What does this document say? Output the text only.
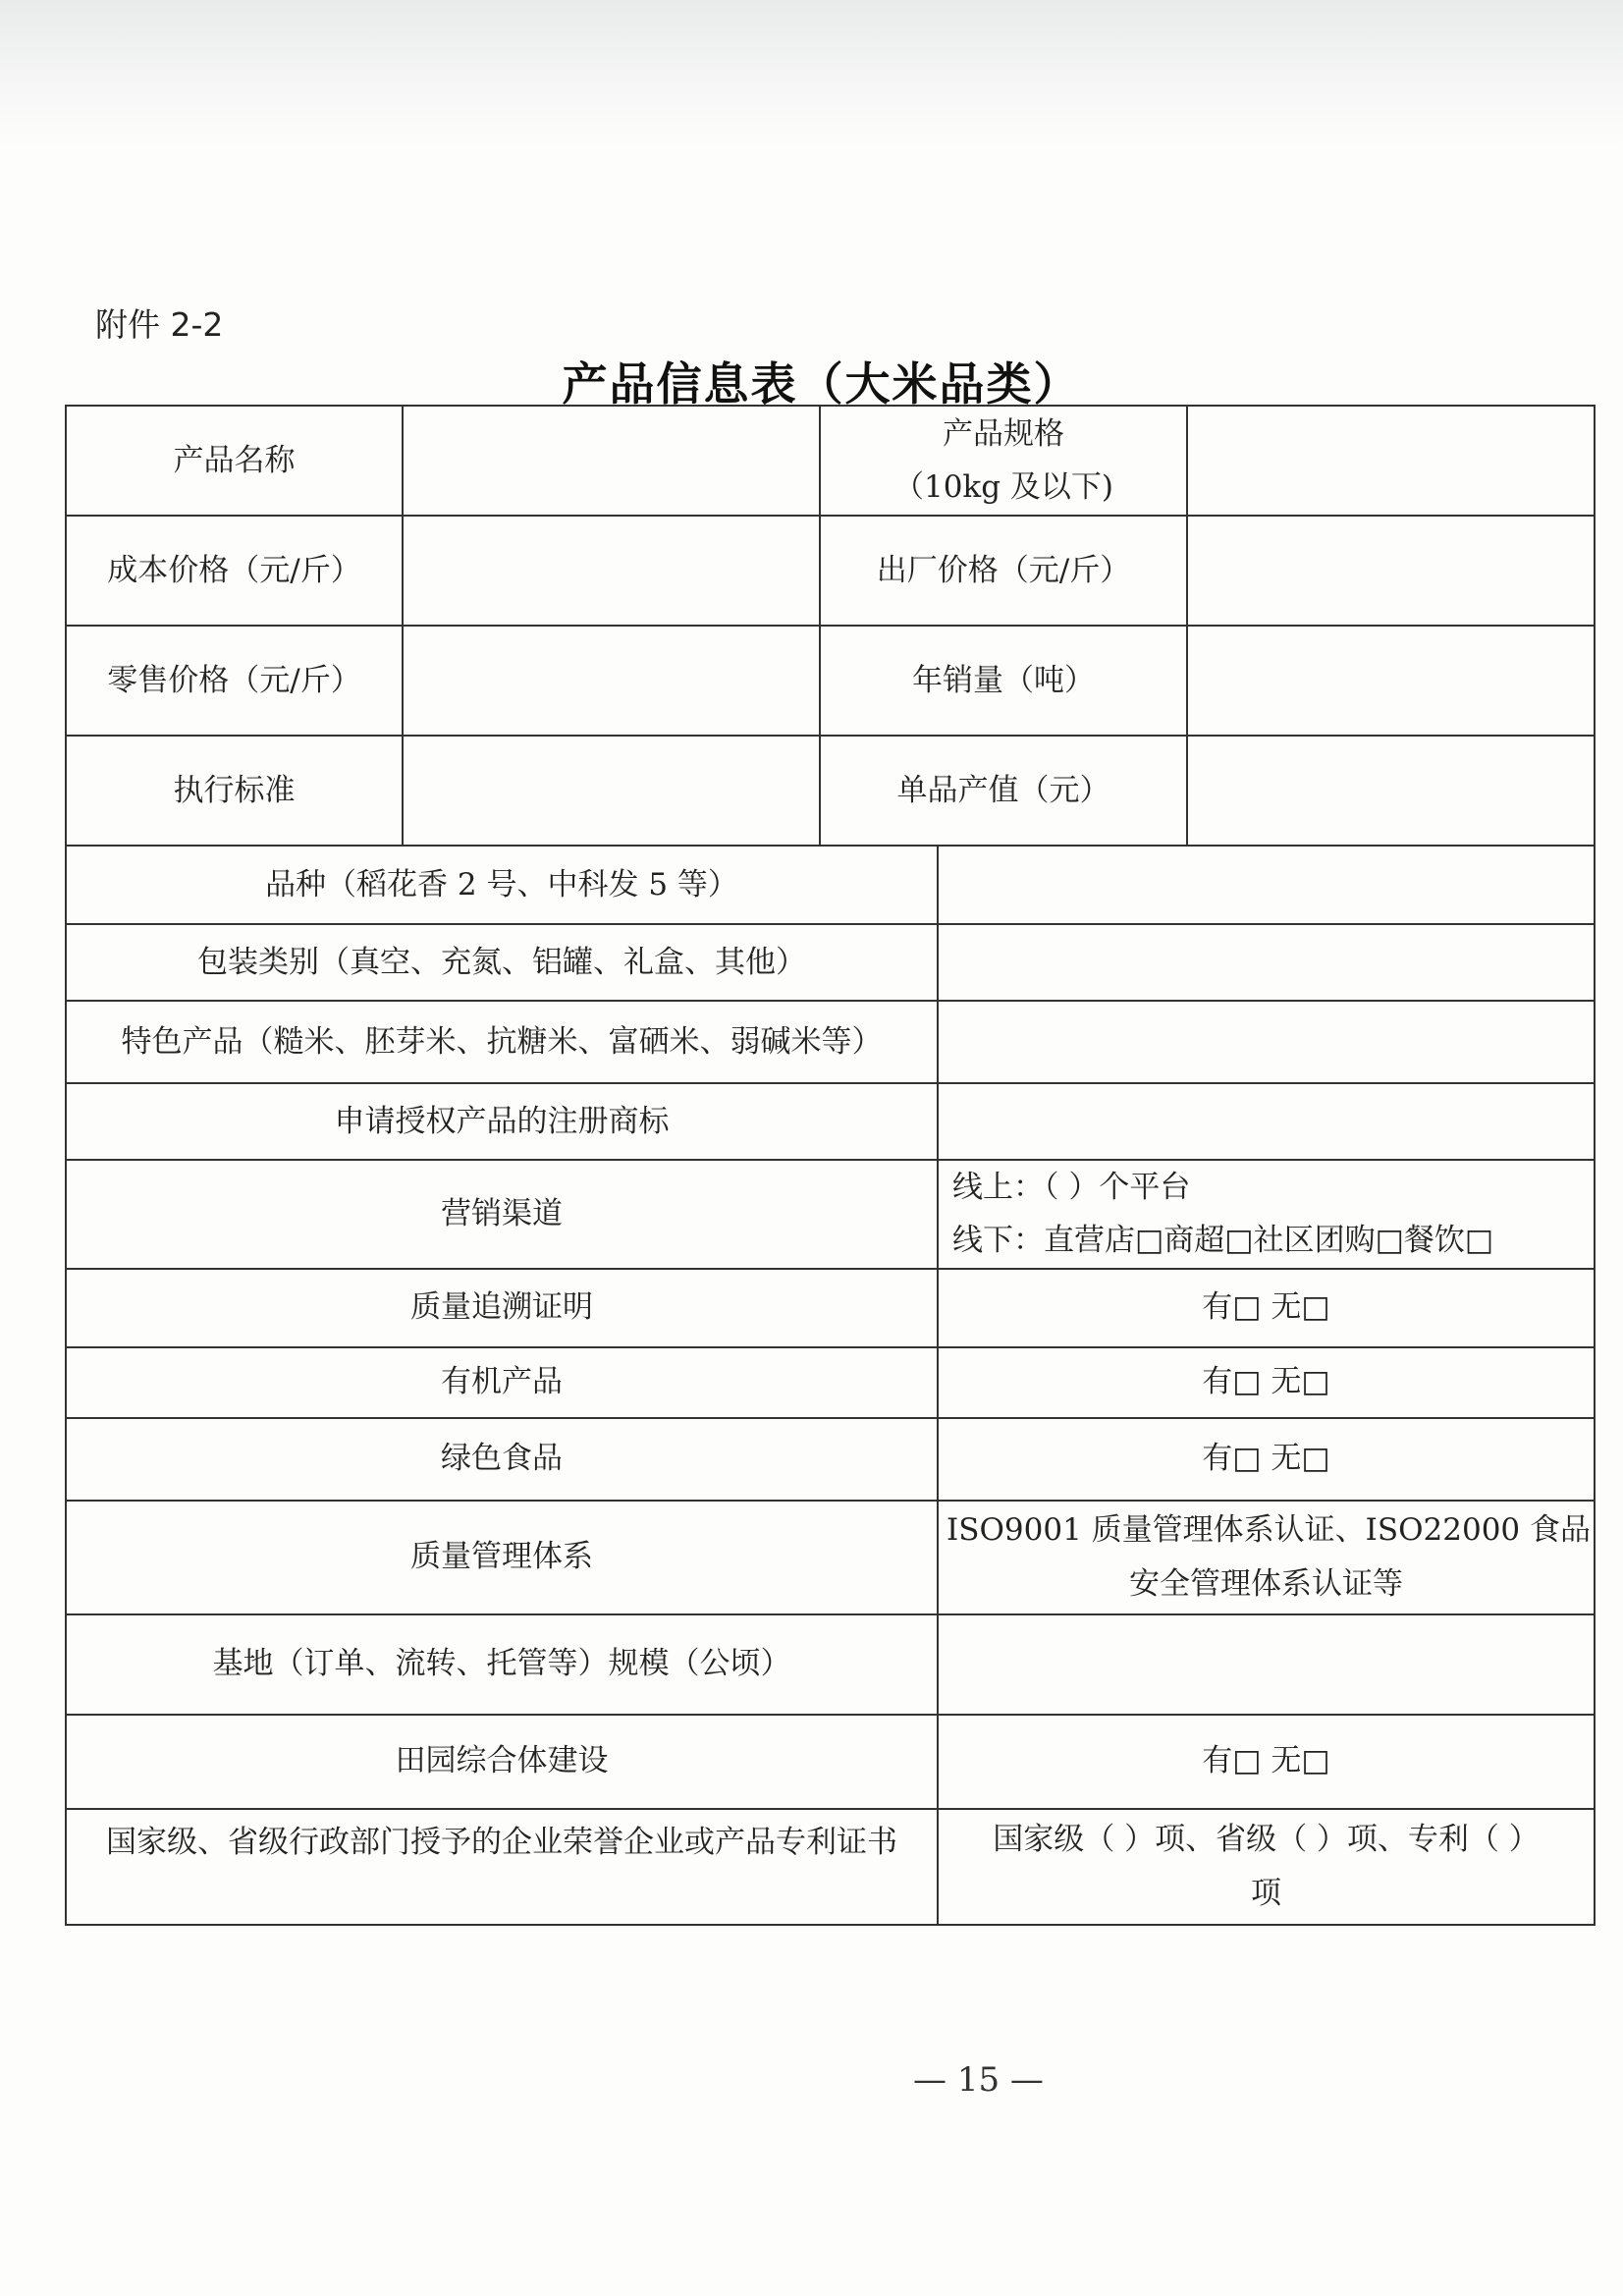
附件 2-2
产品信息表（大米品类）
产品名称		产品规格
（10kg 及以下)		

成本价格（元/斤）		出厂价格（元/斤）		
零售价格（元/斤）		年销量（吨）		
执行标准		单品产值（元）		
品种（稻花香 2 号、中科发 5 等）				
包装类别（真空、充氮、铝罐、礼盒、其他）				
特色产品（糙米、胚芽米、抗糖米、富硒米、弱碱米等）				
申请授权产品的注册商标				
营销渠道			线上：（ ）个平台
线下：直营店□商超□社区团购□餐饮□	

质量追溯证明			有□ 无□	
有机产品			有□ 无□	
绿色食品			有□ 无□	
质量管理体系			ISO9001 质量管理体系认证、ISO22000 食品
安全管理体系认证等	

基地（订单、流转、托管等）规模（公顷）				
田园综合体建设			有□ 无□	
国家级、省级行政部门授予的企业荣誉企业或产品专利证书			国家级（ ）项、省级（ ）项、专利（ ）
项	
— 15 —
